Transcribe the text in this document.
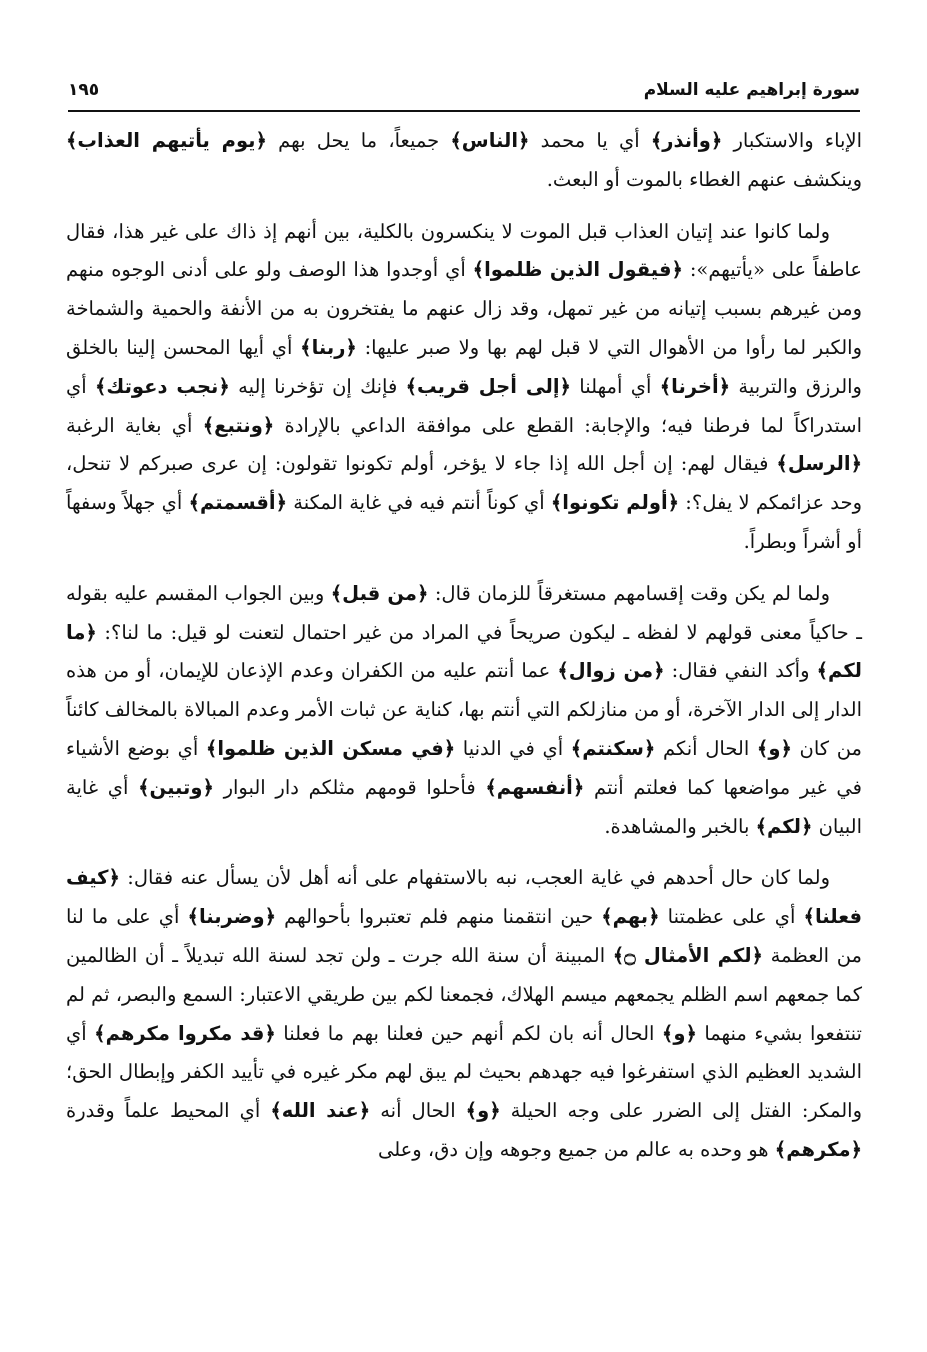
سورة إبراهيم عليه السلام
١٩٥

الإباء والاستكبار ﴿وأنذر﴾ أي يا محمد ﴿الناس﴾ جميعاً، ما يحل بهم ﴿يوم يأتيهم العذاب﴾ وينكشف عنهم الغطاء بالموت أو البعث.

ولما كانوا عند إتيان العذاب قبل الموت لا ينكسرون بالكلية، بين أنهم إذ ذاك على غير هذا، فقال عاطفاً على «يأتيهم»: ﴿فيقول الذين ظلموا﴾ أي أوجدوا هذا الوصف ولو على أدنى الوجوه منهم ومن غيرهم بسبب إتيانه من غير تمهل، وقد زال عنهم ما يفتخرون به من الأنفة والحمية والشماخة والكبر لما رأوا من الأهوال التي لا قبل لهم بها ولا صبر عليها: ﴿ربنا﴾ أي أيها المحسن إلينا بالخلق والرزق والتربية ﴿أخرنا﴾ أي أمهلنا ﴿إلى أجل قريب﴾ فإنك إن تؤخرنا إليه ﴿نجب دعوتك﴾ أي استدراكاً لما فرطنا فيه؛ والإجابة: القطع على موافقة الداعي بالإرادة ﴿ونتبع﴾ أي بغاية الرغبة ﴿الرسل﴾ فيقال لهم: إن أجل الله إذا جاء لا يؤخر، أولم تكونوا تقولون: إن عرى صبركم لا تنحل، وحد عزائمكم لا يفل؟: ﴿أولم تكونوا﴾ أي كوناً أنتم فيه في غاية المكنة ﴿أقسمتم﴾ أي جهلاً وسفهاً أو أشراً وبطراً.

ولما لم يكن وقت إقسامهم مستغرقاً للزمان قال: ﴿من قبل﴾ وبين الجواب المقسم عليه بقوله ـ حاكياً معنى قولهم لا لفظه ـ ليكون صريحاً في المراد من غير احتمال لتعنت لو قيل: ما لنا؟: ﴿ما لكم﴾ وأكد النفي فقال: ﴿من زوال﴾ عما أنتم عليه من الكفران وعدم الإذعان للإيمان، أو من هذه الدار إلى الدار الآخرة، أو من منازلكم التي أنتم بها، كناية عن ثبات الأمر وعدم المبالاة بالمخالف كائناً من كان ﴿و﴾ الحال أنكم ﴿سكنتم﴾ أي في الدنيا ﴿في مسكن الذين ظلموا﴾ أي بوضع الأشياء في غير مواضعها كما فعلتم أنتم ﴿أنفسهم﴾ فأحلوا قومهم مثلكم دار البوار ﴿وتبين﴾ أي غاية البيان ﴿لكم﴾ بالخبر والمشاهدة.

ولما كان حال أحدهم في غاية العجب، نبه بالاستفهام على أنه أهل لأن يسأل عنه فقال: ﴿كيف فعلنا﴾ أي على عظمتنا ﴿بهم﴾ حين انتقمنا منهم فلم تعتبروا بأحوالهم ﴿وضربنا﴾ أي على ما لنا من العظمة ﴿لكم الأمثال ۝﴾ المبينة أن سنة الله جرت ـ ولن تجد لسنة الله تبديلاً ـ أن الظالمين كما جمعهم اسم الظلم يجمعهم ميسم الهلاك، فجمعنا لكم بين طريقي الاعتبار: السمع والبصر، ثم لم تنتفعوا بشيء منهما ﴿و﴾ الحال أنه بان لكم أنهم حين فعلنا بهم ما فعلنا ﴿قد مكروا مكرهم﴾ أي الشديد العظيم الذي استفرغوا فيه جهدهم بحيث لم يبق لهم مكر غيره في تأييد الكفر وإبطال الحق؛ والمكر: الفتل إلى الضرر على وجه الحيلة ﴿و﴾ الحال أنه ﴿عند الله﴾ أي المحيط علماً وقدرة ﴿مكرهم﴾ هو وحده به عالم من جميع وجوهه وإن دق، وعلى
